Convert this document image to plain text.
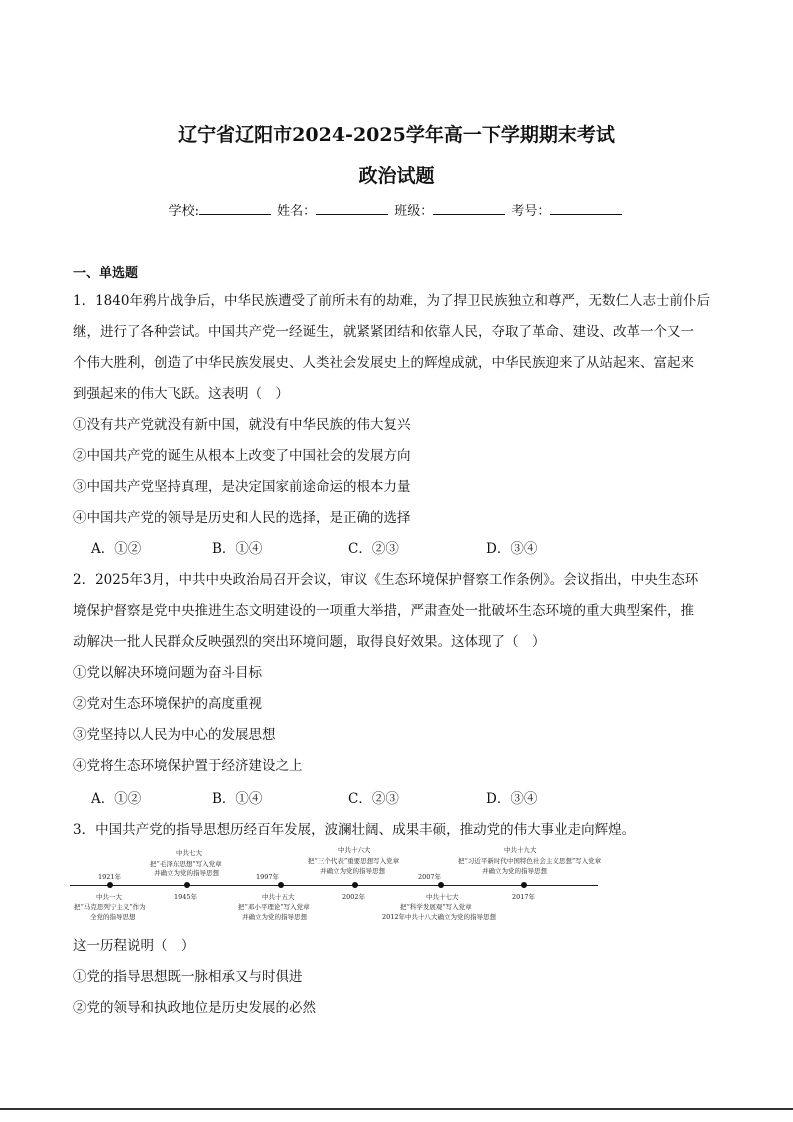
辽宁省辽阳市2024-2025学年高一下学期期末考试
政治试题
学校:	姓名：	班级：	考号：
一、单选题
1．1840年鸦片战争后，中华民族遭受了前所未有的劫难，为了捍卫民族独立和尊严，无数仁人志士前仆后
继，进行了各种尝试。中国共产党一经诞生，就紧紧团结和依靠人民，夺取了革命、建设、改革一个又一
个伟大胜利，创造了中华民族发展史、人类社会发展史上的辉煌成就，中华民族迎来了从站起来、富起来
到强起来的伟大飞跃。这表明（　）
①没有共产党就没有新中国，就没有中华民族的伟大复兴
②中国共产党的诞生从根本上改变了中国社会的发展方向
③中国共产党坚持真理，是决定国家前途命运的根本力量
④中国共产党的领导是历史和人民的选择，是正确的选择
A．①②	B．①④	C．②③	D．③④
2．2025年3月，中共中央政治局召开会议，审议《生态环境保护督察工作条例》。会议指出，中央生态环
境保护督察是党中央推进生态文明建设的一项重大举措，严肃查处一批破坏生态环境的重大典型案件，推
动解决一批人民群众反映强烈的突出环境问题，取得良好效果。这体现了（　）
①党以解决环境问题为奋斗目标
②党对生态环境保护的高度重视
③党坚持以人民为中心的发展思想
④党将生态环境保护置于经济建设之上
A．①②	B．①④	C．②③	D．③④
3．中国共产党的指导思想历经百年发展，波澜壮阔、成果丰硕，推动党的伟大事业走向辉煌。
1921年
1945年
1997年
2002年
2007年
2017年
中共七大
把“毛泽东思想”写入党章
并确立为党的指导思想
中共十六大
把“三个代表”重要思想写入党章
并确立为党的指导思想
中共十九大
把“习近平新时代中国特色社会主义思想”写入党章
并确立为党的指导思想
中共一大
把“马克思列宁主义”作为
全党的指导思想
中共十五大
把“邓小平理论”写入党章
并确立为党的指导思想
中共十七大
把“科学发展观”写入党章
2012年中共十八大确立为党的指导思想
这一历程说明（　）
①党的指导思想既一脉相承又与时俱进
②党的领导和执政地位是历史发展的必然
